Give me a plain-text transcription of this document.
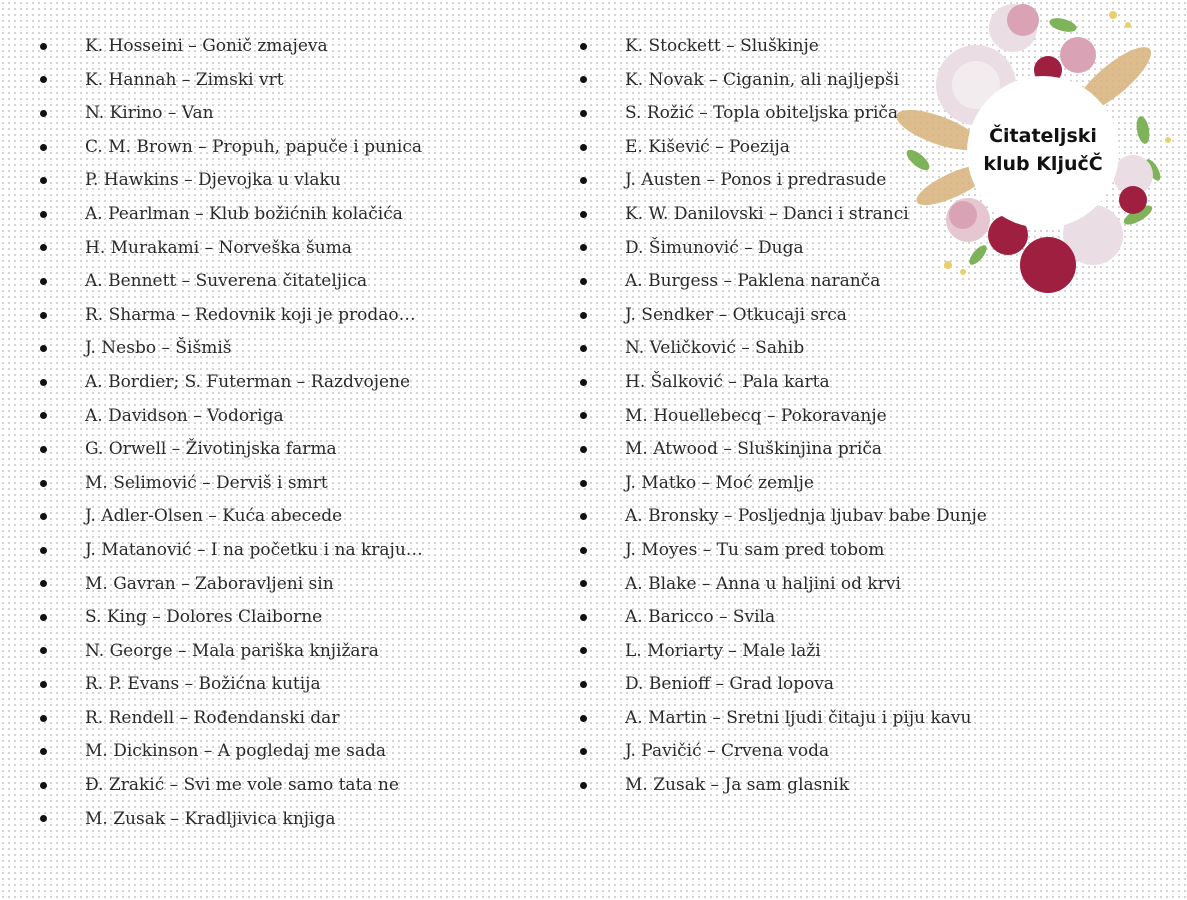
K. Hosseini – Gonič zmajeva
K. Hannah – Zimski vrt
N. Kirino – Van
C. M. Brown – Propuh, papuče i punica
P. Hawkins – Djevojka u vlaku
A. Pearlman – Klub božićnih kolačića
H. Murakami – Norveška šuma
A. Bennett – Suverena čitateljica
R. Sharma – Redovnik koji je prodao…
J. Nesbo – Šišmiš
A. Bordier; S. Futerman – Razdvojene
A. Davidson – Vodoriga
G. Orwell – Životinjska farma
M. Selimović – Derviš i smrt
J. Adler-Olsen – Kuća abecede
J. Matanović – I na početku i na kraju…
M. Gavran – Zaboravljeni sin
S. King – Dolores Claiborne
N. George – Mala pariška knjižara
R. P. Evans – Božićna kutija
R. Rendell – Rođendanski dar
M. Dickinson – A pogledaj me sada
Đ. Zrakić – Svi me vole samo tata ne
M. Zusak – Kradljivica knjiga
K. Stockett – Sluškinje
K. Novak – Ciganin, ali najljepši
S. Rožić – Topla obiteljska priča
E. Kišević – Poezija
J. Austen – Ponos i predrasude
K. W. Danilovski – Danci i stranci
D. Šimunović – Duga
A. Burgess – Paklena naranča
J. Sendker – Otkucaji srca
N. Veličković – Sahib
H. Šalković – Pala karta
M. Houellebecq – Pokoravanje
M. Atwood – Sluškinjina priča
J. Matko – Moć zemlje
A. Bronsky – Posljednja ljubav babe Dunje
J. Moyes – Tu sam pred tobom
A. Blake – Anna u haljini od krvi
A. Baricco – Svila
L. Moriarty – Male laži
D. Benioff – Grad lopova
A. Martin – Sretni ljudi čitaju i piju kavu
J. Pavičić – Crvena voda
M. Zusak – Ja sam glasnik
Čitateljski
klub KljučČ
